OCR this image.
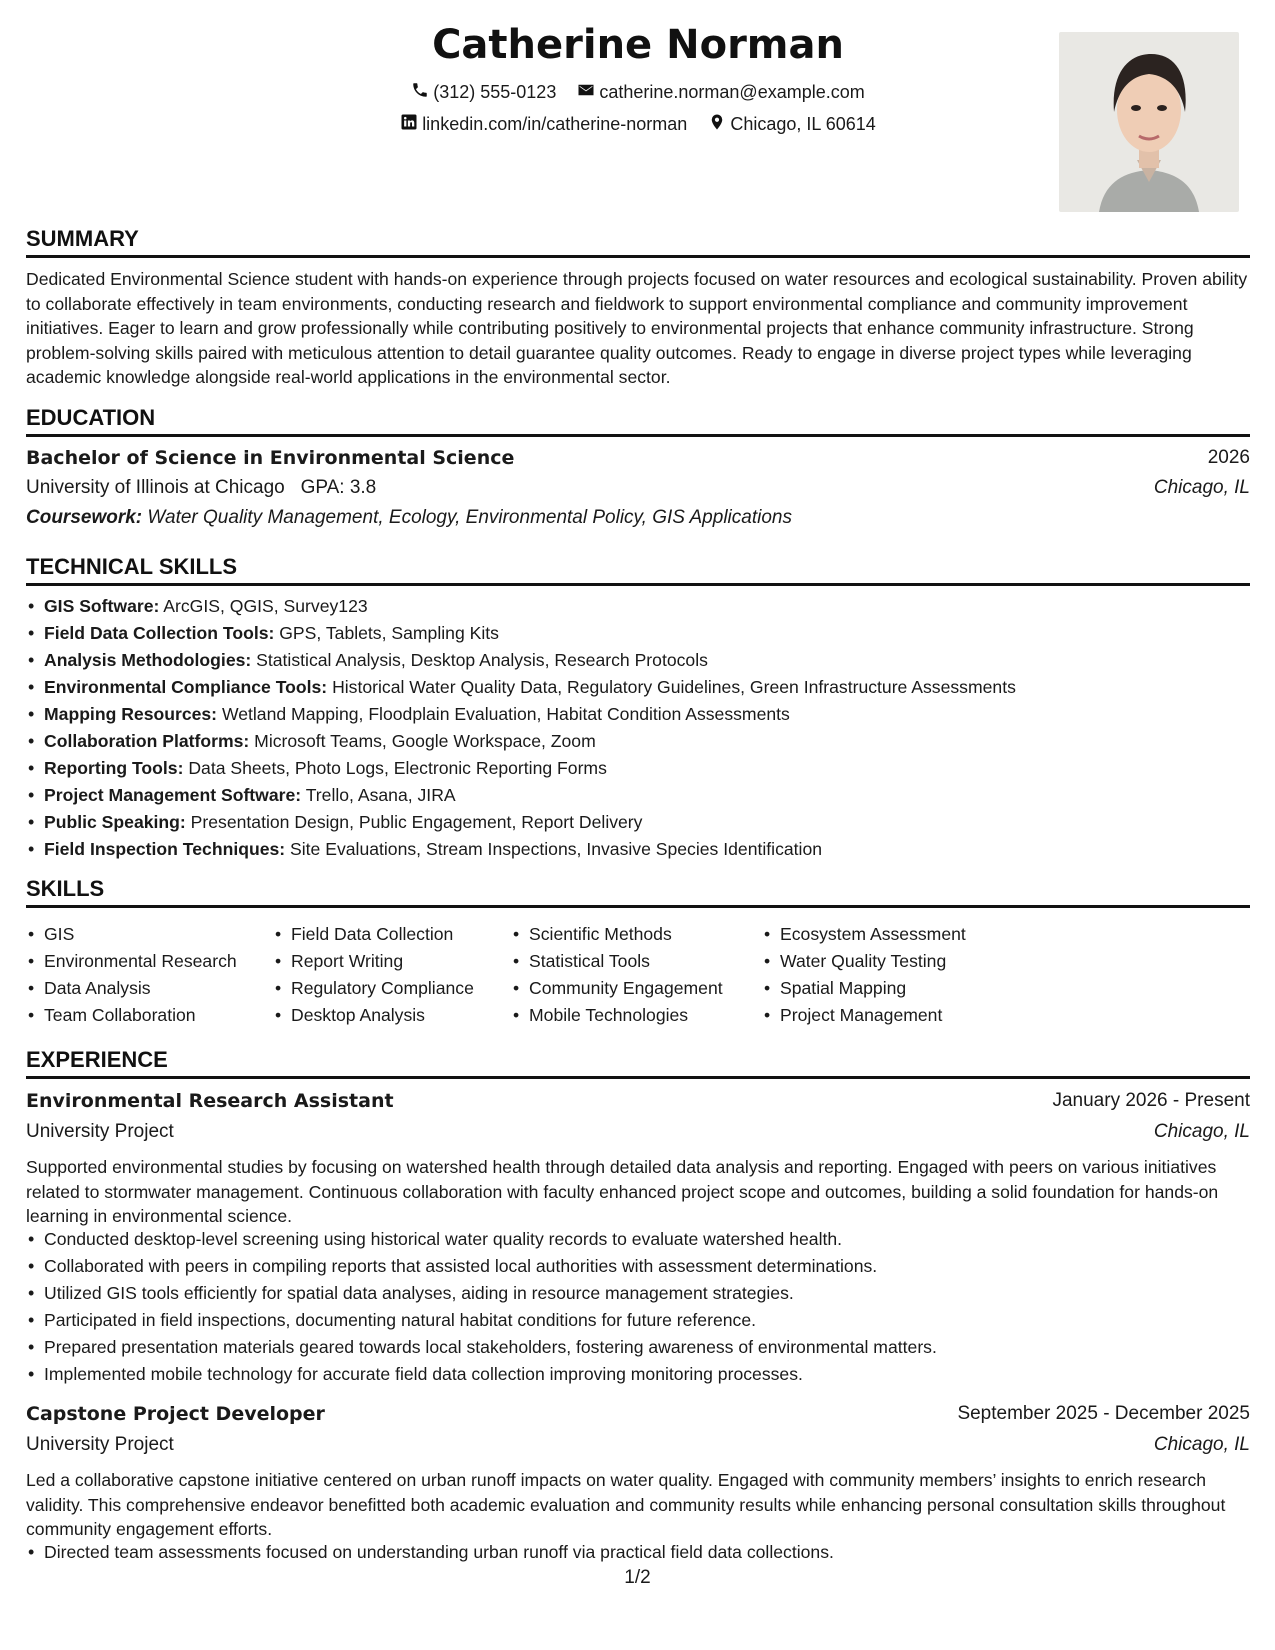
Catherine Norman
(312) 555-0123
catherine.norman@example.com
linkedin.com/in/catherine-norman
Chicago, IL 60614
SUMMARY
Dedicated Environmental Science student with hands-on experience through projects focused on water resources and ecological sustainability. Proven ability to collaborate effectively in team environments, conducting research and fieldwork to support environmental compliance and community improvement initiatives. Eager to learn and grow professionally while contributing positively to environmental projects that enhance community infrastructure. Strong problem-solving skills paired with meticulous attention to detail guarantee quality outcomes. Ready to engage in diverse project types while leveraging academic knowledge alongside real-world applications in the environmental sector.
EDUCATION
Bachelor of Science in Environmental Science	2026
University of Illinois at Chicago GPA: 3.8	Chicago, IL
Coursework: Water Quality Management, Ecology, Environmental Policy, GIS Applications
TECHNICAL SKILLS
• GIS Software: ArcGIS, QGIS, Survey123
• Field Data Collection Tools: GPS, Tablets, Sampling Kits
• Analysis Methodologies: Statistical Analysis, Desktop Analysis, Research Protocols
• Environmental Compliance Tools: Historical Water Quality Data, Regulatory Guidelines, Green Infrastructure Assessments
• Mapping Resources: Wetland Mapping, Floodplain Evaluation, Habitat Condition Assessments
• Collaboration Platforms: Microsoft Teams, Google Workspace, Zoom
• Reporting Tools: Data Sheets, Photo Logs, Electronic Reporting Forms
• Project Management Software: Trello, Asana, JIRA
• Public Speaking: Presentation Design, Public Engagement, Report Delivery
• Field Inspection Techniques: Site Evaluations, Stream Inspections, Invasive Species Identification
SKILLS
• GIS
• Environmental Research
• Data Analysis
• Team Collaboration
• Field Data Collection
• Report Writing
• Regulatory Compliance
• Desktop Analysis
• Scientific Methods
• Statistical Tools
• Community Engagement
• Mobile Technologies
• Ecosystem Assessment
• Water Quality Testing
• Spatial Mapping
• Project Management
EXPERIENCE
Environmental Research Assistant	January 2026 - Present
University Project	Chicago, IL
Supported environmental studies by focusing on watershed health through detailed data analysis and reporting. Engaged with peers on various initiatives related to stormwater management. Continuous collaboration with faculty enhanced project scope and outcomes, building a solid foundation for hands-on learning in environmental science.
• Conducted desktop-level screening using historical water quality records to evaluate watershed health.
• Collaborated with peers in compiling reports that assisted local authorities with assessment determinations.
• Utilized GIS tools efficiently for spatial data analyses, aiding in resource management strategies.
• Participated in field inspections, documenting natural habitat conditions for future reference.
• Prepared presentation materials geared towards local stakeholders, fostering awareness of environmental matters.
• Implemented mobile technology for accurate field data collection improving monitoring processes.
Capstone Project Developer	September 2025 - December 2025
University Project	Chicago, IL
Led a collaborative capstone initiative centered on urban runoff impacts on water quality. Engaged with community members’ insights to enrich research validity. This comprehensive endeavor benefitted both academic evaluation and community results while enhancing personal consultation skills throughout community engagement efforts.
• Directed team assessments focused on understanding urban runoff via practical field data collections.
1/2
